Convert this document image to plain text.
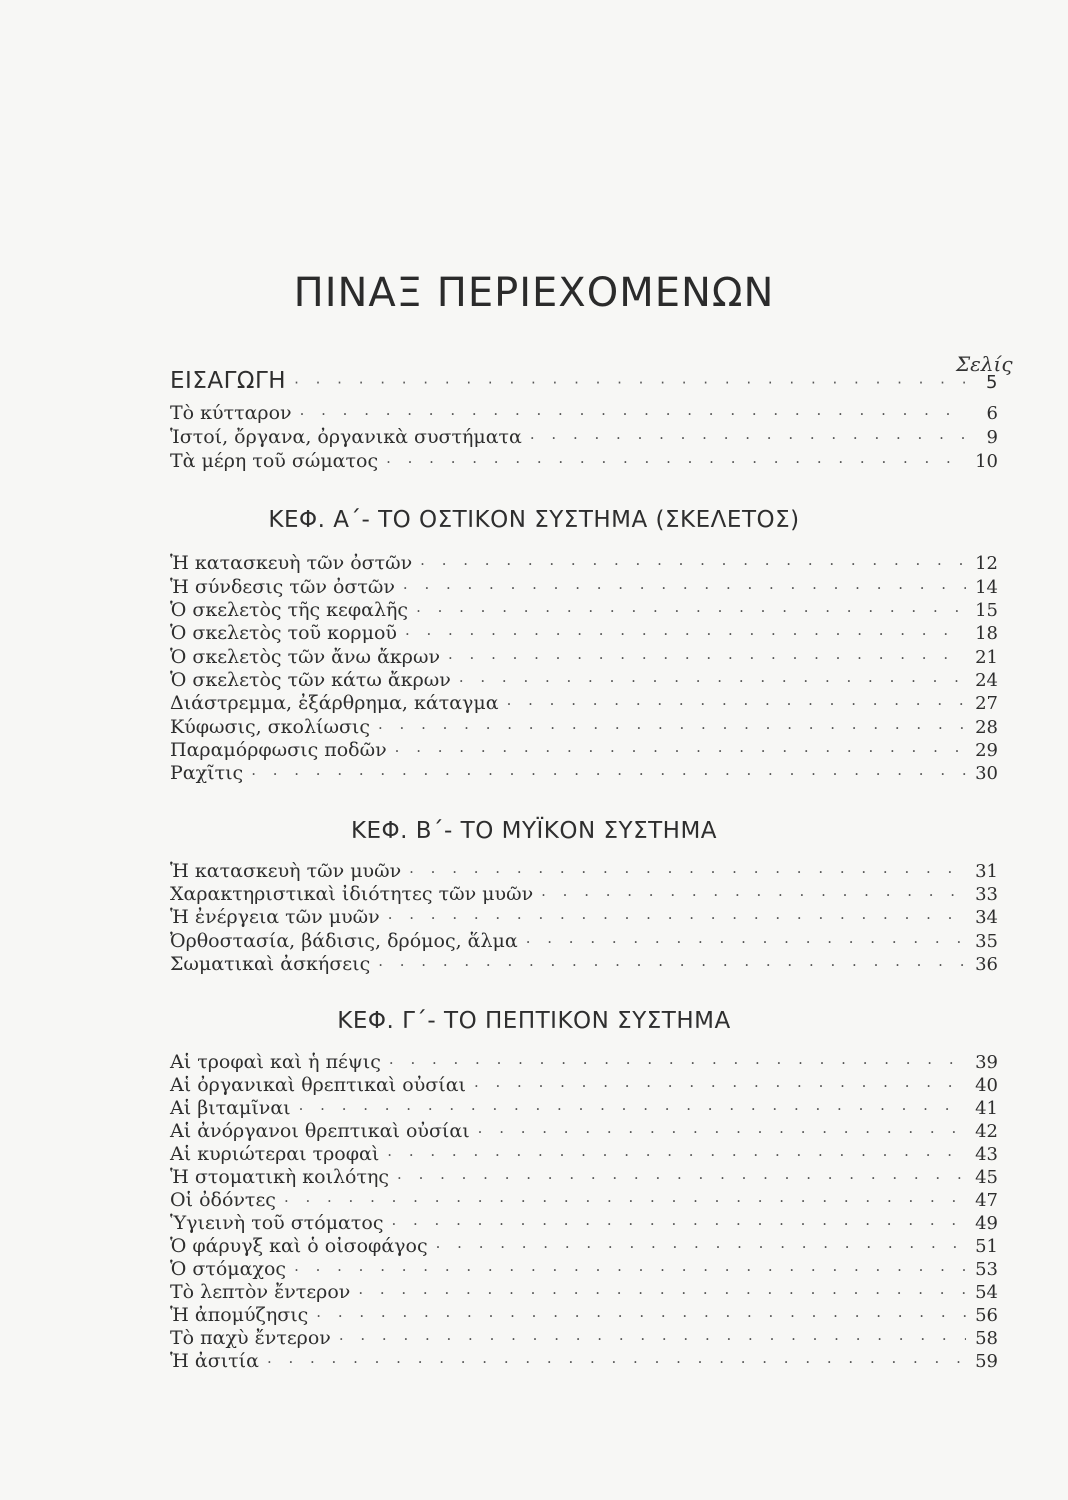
ΠΙΝΑΞ ΠΕΡΙΕΧΟΜΕΝΩΝ
Σελίς
ΕΙΣΑΓΩΓΗ · · ·	5
Τὸ κύτταρον · · ·	6
Ἱστοί, ὄργανα, ὀργανικὰ συστήματα · · ·	9
Τὰ μέρη τοῦ σώματος · · ·	10
ΚΕΦ. Α΄- ΤΟ ΟΣΤΙΚΟΝ ΣΥΣΤΗΜΑ (ΣΚΕΛΕΤΟΣ)
Ἡ κατασκευὴ τῶν ὀστῶν · · ·	12
Ἡ σύνδεσις τῶν ὀστῶν · · ·	14
Ὁ σκελετὸς τῆς κεφαλῆς · · ·	15
Ὁ σκελετὸς τοῦ κορμοῦ · · ·	18
Ὁ σκελετὸς τῶν ἄνω ἄκρων · · ·	21
Ὁ σκελετὸς τῶν κάτω ἄκρων · · ·	24
Διάστρεμμα, ἐξάρθρημα, κάταγμα · · ·	27
Κύφωσις, σκολίωσις · · ·	28
Παραμόρφωσις ποδῶν · · ·	29
Ραχῖτις · · ·	30
ΚΕΦ. Β΄- ΤΟ ΜΥΪΚΟΝ ΣΥΣΤΗΜΑ
Ἡ κατασκευὴ τῶν μυῶν · · ·	31
Χαρακτηριστικαὶ ἰδιότητες τῶν μυῶν · · ·	33
Ἡ ἐνέργεια τῶν μυῶν · · ·	34
Ὀρθοστασία, βάδισις, δρόμος, ἅλμα · · ·	35
Σωματικαὶ ἀσκήσεις · · ·	36
ΚΕΦ. Γ΄- ΤΟ ΠΕΠΤΙΚΟΝ ΣΥΣΤΗΜΑ
Αἱ τροφαὶ καὶ ἡ πέψις · · ·	39
Αἱ ὀργανικαὶ θρεπτικαὶ οὐσίαι · · ·	40
Αἱ βιταμῖναι · · ·	41
Αἱ ἀνόργανοι θρεπτικαὶ οὐσίαι · · ·	42
Αἱ κυριώτεραι τροφαὶ · · ·	43
Ἡ στοματικὴ κοιλότης · · ·	45
Οἱ ὀδόντες · · ·	47
Ὑγιεινὴ τοῦ στόματος · · ·	49
Ὁ φάρυγξ καὶ ὁ οἰσοφάγος · · ·	51
Ὁ στόμαχος · · ·	53
Τὸ λεπτὸν ἔντερον · · ·	54
Ἡ ἀπομύζησις · · ·	56
Τὸ παχὺ ἔντερον · · ·	58
Ἡ ἀσιτία · · ·	59
